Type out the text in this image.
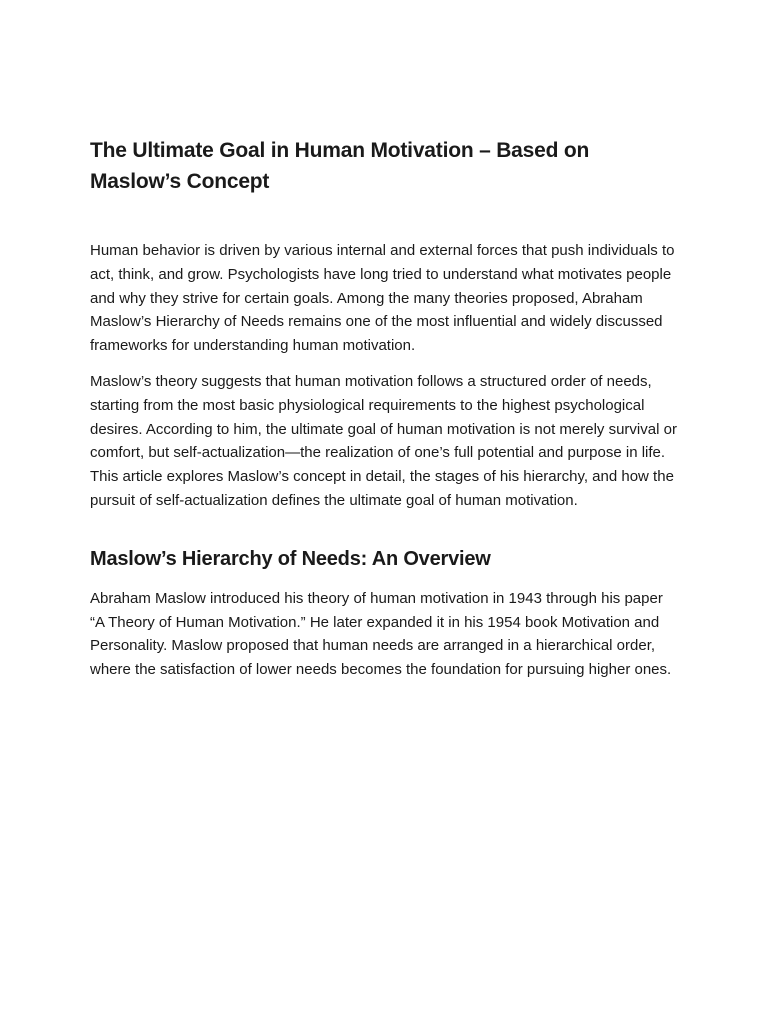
The Ultimate Goal in Human Motivation – Based on Maslow’s Concept

Human behavior is driven by various internal and external forces that push individuals to act, think, and grow. Psychologists have long tried to understand what motivates people and why they strive for certain goals. Among the many theories proposed, Abraham Maslow’s Hierarchy of Needs remains one of the most influential and widely discussed frameworks for understanding human motivation.

Maslow’s theory suggests that human motivation follows a structured order of needs, starting from the most basic physiological requirements to the highest psychological desires. According to him, the ultimate goal of human motivation is not merely survival or comfort, but self-actualization—the realization of one’s full potential and purpose in life. This article explores Maslow’s concept in detail, the stages of his hierarchy, and how the pursuit of self-actualization defines the ultimate goal of human motivation.

Maslow’s Hierarchy of Needs: An Overview

Abraham Maslow introduced his theory of human motivation in 1943 through his paper “A Theory of Human Motivation.” He later expanded it in his 1954 book Motivation and Personality. Maslow proposed that human needs are arranged in a hierarchical order, where the satisfaction of lower needs becomes the foundation for pursuing higher ones.
